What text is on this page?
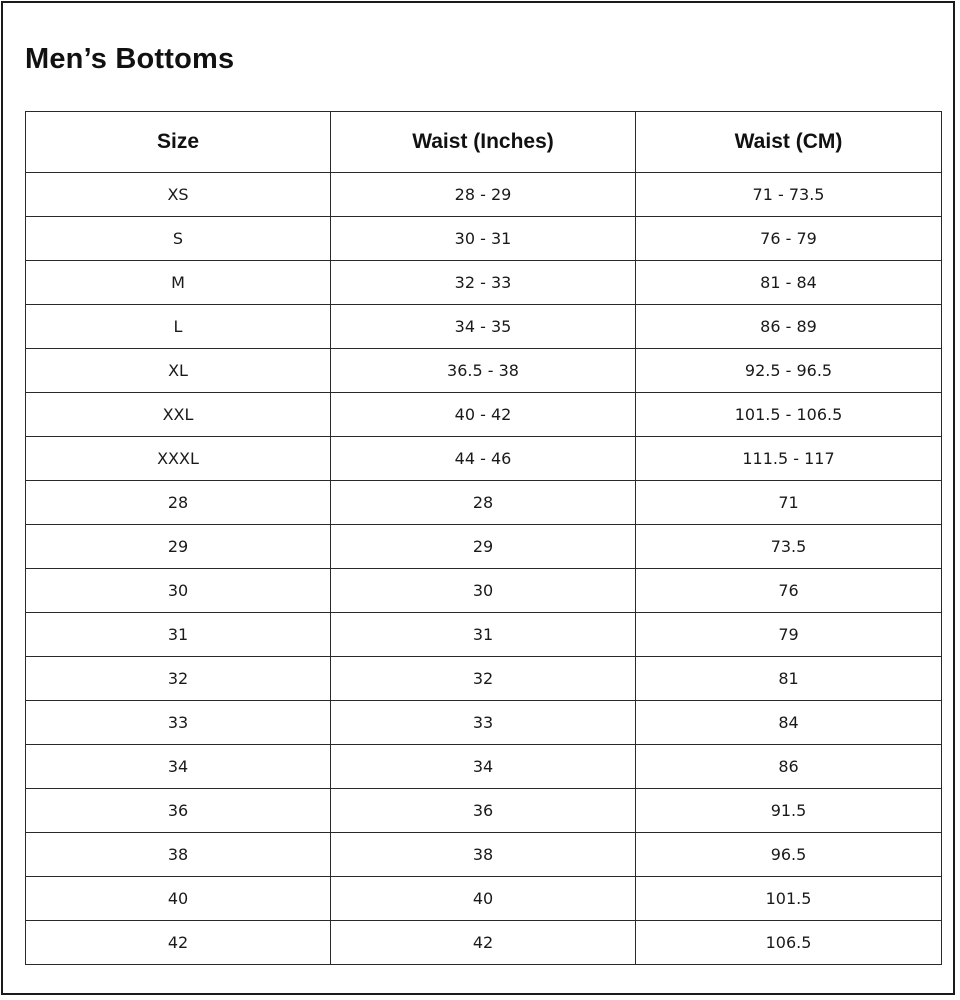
Men’s Bottoms
Size	Waist (Inches)	Waist (CM)
XS	28 - 29	71 - 73.5
S	30 - 31	76 - 79
M	32 - 33	81 - 84
L	34 - 35	86 - 89
XL	36.5 - 38	92.5 - 96.5
XXL	40 - 42	101.5 - 106.5
XXXL	44 - 46	111.5 - 117
28	28	71
29	29	73.5
30	30	76
31	31	79
32	32	81
33	33	84
34	34	86
36	36	91.5
38	38	96.5
40	40	101.5
42	42	106.5
